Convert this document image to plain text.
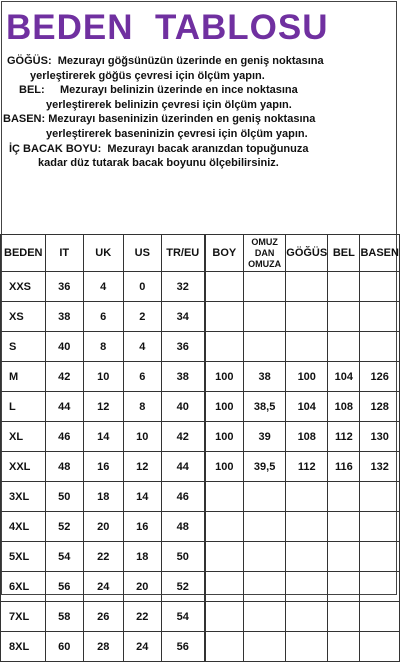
BEDEN  TABLOSU
GÖĞÜS:  Mezurayı göğsünüzün üzerinde en geniş noktasına
yerleştirerek göğüs çevresi için ölçüm yapın.
BEL:     Mezurayı belinizin üzerinde en ince noktasına
yerleştirerek belinizin çevresi için ölçüm yapın.
BASEN: Mezurayı baseninizin üzerinden en geniş noktasına
yerleştirerek baseninizin çevresi için ölçüm yapın.
İÇ BACAK BOYU:  Mezurayı bacak aranızdan topuğunuza
kadar düz tutarak bacak boyunu ölçebilirsiniz.
BEDEN	IT	UK	US	TR/EU	BOY	OMUZ DAN OMUZA	GÖĞÜS	BEL	BASEN
XXS	36	4	0	32					
XS	38	6	2	34					
S	40	8	4	36					
M	42	10	6	38	100	38	100	104	126
L	44	12	8	40	100	38,5	104	108	128
XL	46	14	10	42	100	39	108	112	130
XXL	48	16	12	44	100	39,5	112	116	132
3XL	50	18	14	46					
4XL	52	20	16	48					
5XL	54	22	18	50					
6XL	56	24	20	52					
7XL	58	26	22	54					
8XL	60	28	24	56					
